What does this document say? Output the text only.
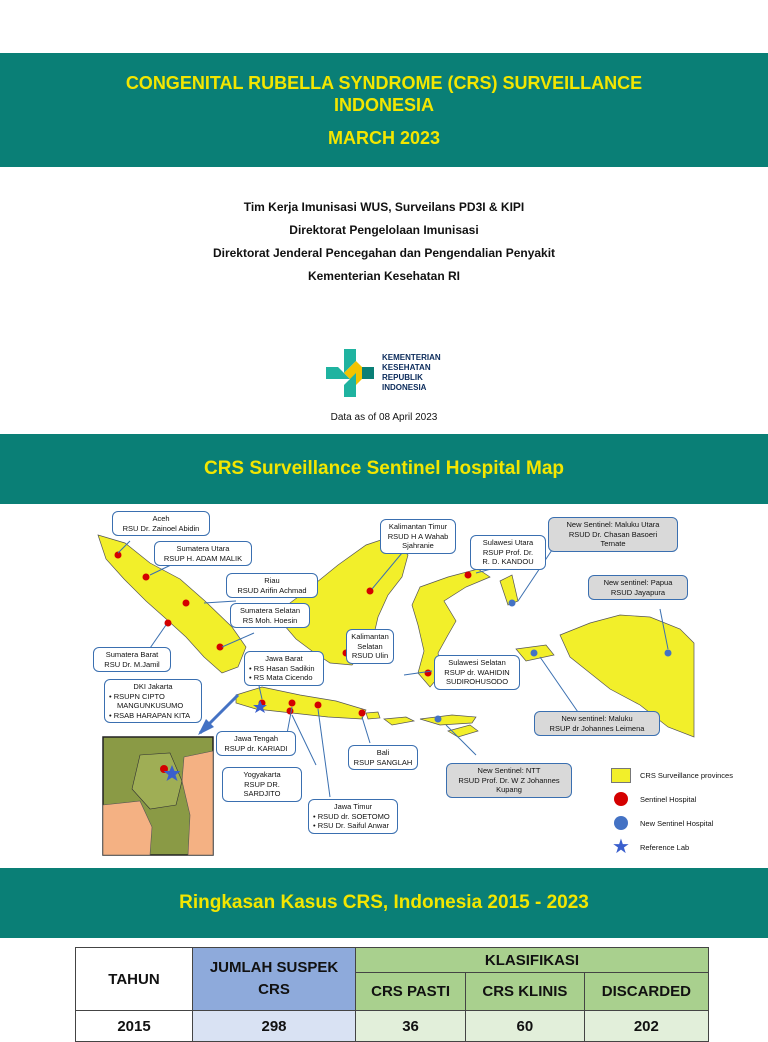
CONGENITAL RUBELLA SYNDROME (CRS) SURVEILLANCE
INDONESIA
MARCH 2023
Tim Kerja Imunisasi WUS, Surveilans PD3I & KIPI
Direktorat Pengelolaan Imunisasi
Direktorat Jenderal Pencegahan dan Pengendalian Penyakit
Kementerian Kesehatan RI
KEMENTERIAN
KESEHATAN
REPUBLIK
INDONESIA
Data as of 08 April 2023
CRS Surveillance Sentinel Hospital Map
Aceh
RSU Dr. Zainoel Abidin
Sumatera Utara
RSUP H. ADAM MALIK
Riau
RSUD Arifin Achmad
Sumatera Selatan
RS Moh. Hoesin
Sumatera Barat
RSU Dr. M.Jamil
Jawa Barat
• RS Hasan Sadikin
• RS Mata Cicendo
DKI Jakarta
• RSUPN CIPTO
MANGUNKUSUMO
• RSAB HARAPAN KITA
Jawa Tengah
RSUP dr. KARIADI
Yogyakarta
RSUP DR. SARDJITO
Jawa Timur
• RSUD dr. SOETOMO
• RSU Dr. Saiful Anwar
Bali
RSUP SANGLAH
Kalimantan Timur
RSUD H A Wahab
Sjahranie
Kalimantan
Selatan
RSUD Ulin
Sulawesi Utara
RSUP Prof. Dr.
R. D. KANDOU
Sulawesi Selatan
RSUP dr. WAHIDIN
SUDIROHUSODO
New Sentinel: Maluku Utara
RSUD Dr. Chasan Basoeri
Ternate
New sentinel: Papua
RSUD Jayapura
New sentinel: Maluku
RSUP dr Johannes Leimena
New Sentinel: NTT
RSUD Prof. Dr. W Z Johannes
Kupang
CRS Surveillance provinces
Sentinel Hospital
New Sentinel Hospital
★ Reference Lab
Ringkasan Kasus CRS, Indonesia 2015 - 2023
TAHUN	JUMLAH SUSPEK CRS	KLASIFIKASI		
		CRS PASTI	CRS KLINIS	DISCARDED
2015	298	36	60	202
